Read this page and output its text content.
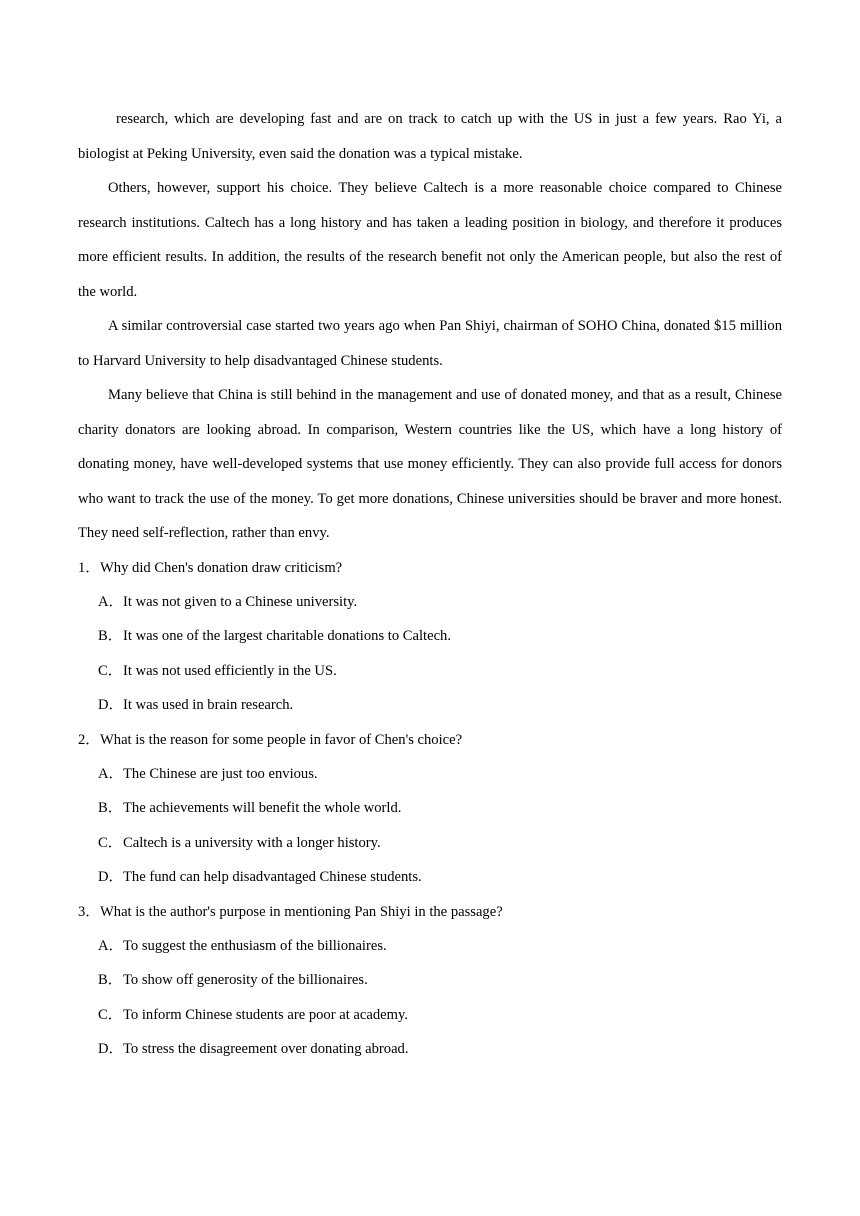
research, which are developing fast and are on track to catch up with the US in just a few years. Rao Yi, a biologist at Peking University, even said the donation was a typical mistake.

Others, however, support his choice. They believe Caltech is a more reasonable choice compared to Chinese research institutions. Caltech has a long history and has taken a leading position in biology, and therefore it produces more efficient results. In addition, the results of the research benefit not only the American people, but also the rest of the world.

A similar controversial case started two years ago when Pan Shiyi, chairman of SOHO China, donated $15 million to Harvard University to help disadvantaged Chinese students.

Many believe that China is still behind in the management and use of donated money, and that as a result, Chinese charity donators are looking abroad. In comparison, Western countries like the US, which have a long history of donating money, have well-developed systems that use money efficiently. They can also provide full access for donors who want to track the use of the money. To get more donations, Chinese universities should be braver and more honest. They need self-reflection, rather than envy.

1．Why did Chen's donation draw criticism?

A．It was not given to a Chinese university.

B．It was one of the largest charitable donations to Caltech.

C．It was not used efficiently in the US.

D．It was used in brain research.

2．What is the reason for some people in favor of Chen's choice?

A．The Chinese are just too envious.

B．The achievements will benefit the whole world.

C．Caltech is a university with a longer history.

D．The fund can help disadvantaged Chinese students.

3．What is the author's purpose in mentioning Pan Shiyi in the passage?

A．To suggest the enthusiasm of the billionaires.

B．To show off generosity of the billionaires.

C．To inform Chinese students are poor at academy.

D．To stress the disagreement over donating abroad.
